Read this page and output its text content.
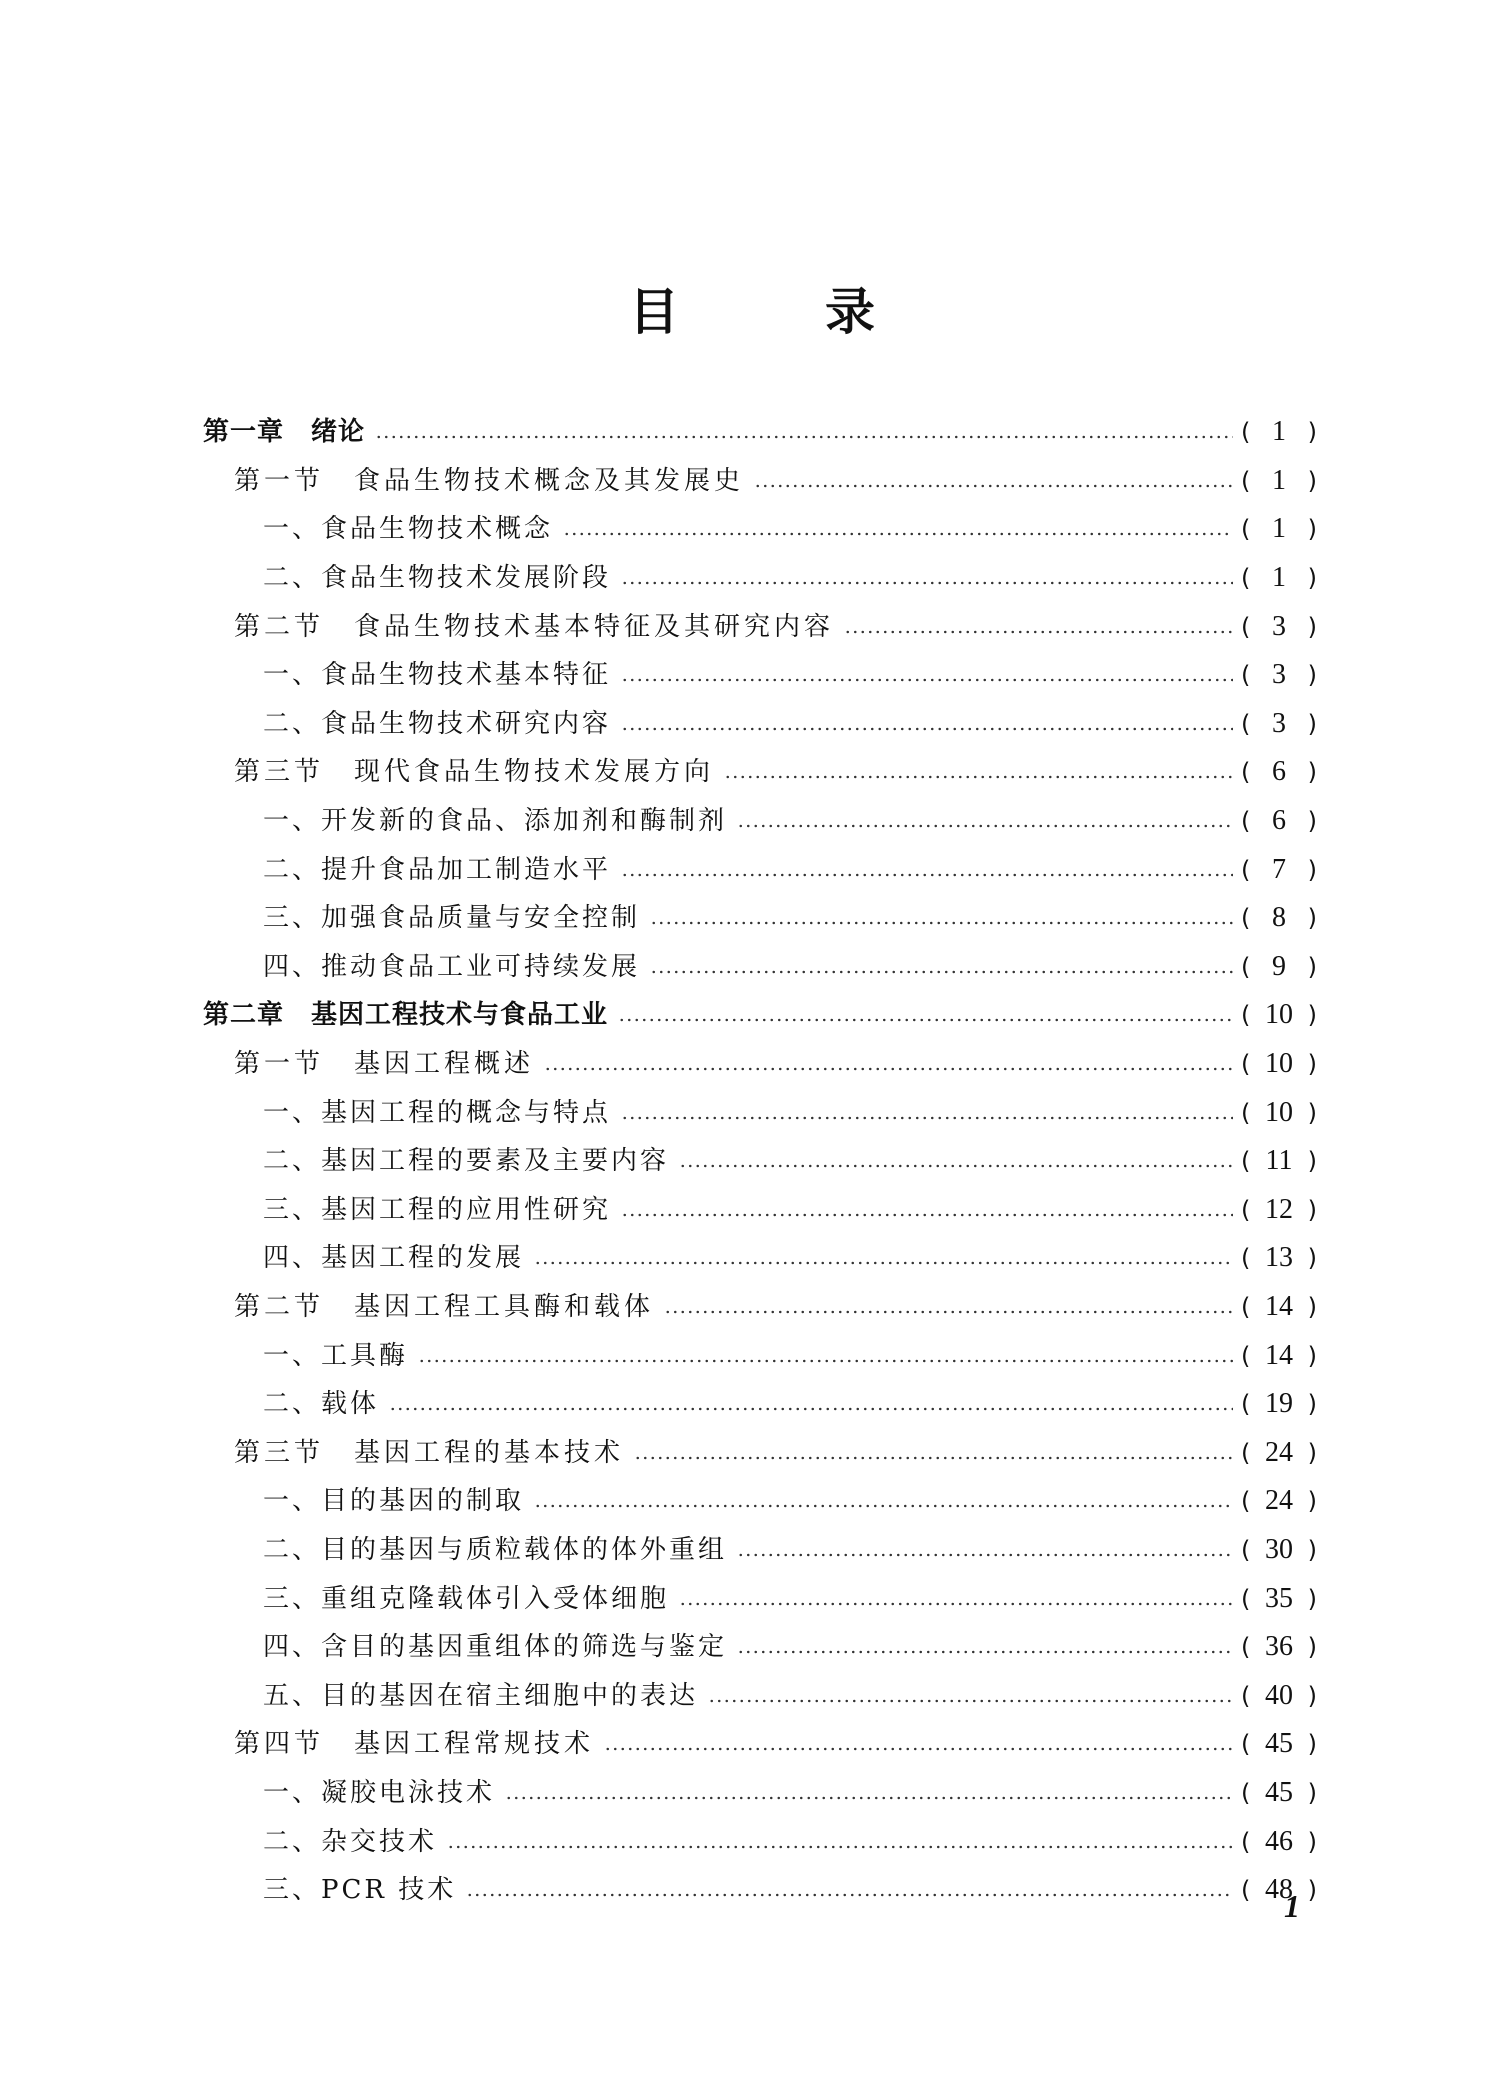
目　录
第一章　绪论	( 1 )
第一节　食品生物技术概念及其发展史	( 1 )
一、食品生物技术概念	( 1 )
二、食品生物技术发展阶段	( 1 )
第二节　食品生物技术基本特征及其研究内容	( 3 )
一、食品生物技术基本特征	( 3 )
二、食品生物技术研究内容	( 3 )
第三节　现代食品生物技术发展方向	( 6 )
一、开发新的食品、添加剂和酶制剂	( 6 )
二、提升食品加工制造水平	( 7 )
三、加强食品质量与安全控制	( 8 )
四、推动食品工业可持续发展	( 9 )
第二章　基因工程技术与食品工业	( 10 )
第一节　基因工程概述	( 10 )
一、基因工程的概念与特点	( 10 )
二、基因工程的要素及主要内容	( 11 )
三、基因工程的应用性研究	( 12 )
四、基因工程的发展	( 13 )
第二节　基因工程工具酶和载体	( 14 )
一、工具酶	( 14 )
二、载体	( 19 )
第三节　基因工程的基本技术	( 24 )
一、目的基因的制取	( 24 )
二、目的基因与质粒载体的体外重组	( 30 )
三、重组克隆载体引入受体细胞	( 35 )
四、含目的基因重组体的筛选与鉴定	( 36 )
五、目的基因在宿主细胞中的表达	( 40 )
第四节　基因工程常规技术	( 45 )
一、凝胶电泳技术	( 45 )
二、杂交技术	( 46 )
三、PCR 技术	( 48 )
1
